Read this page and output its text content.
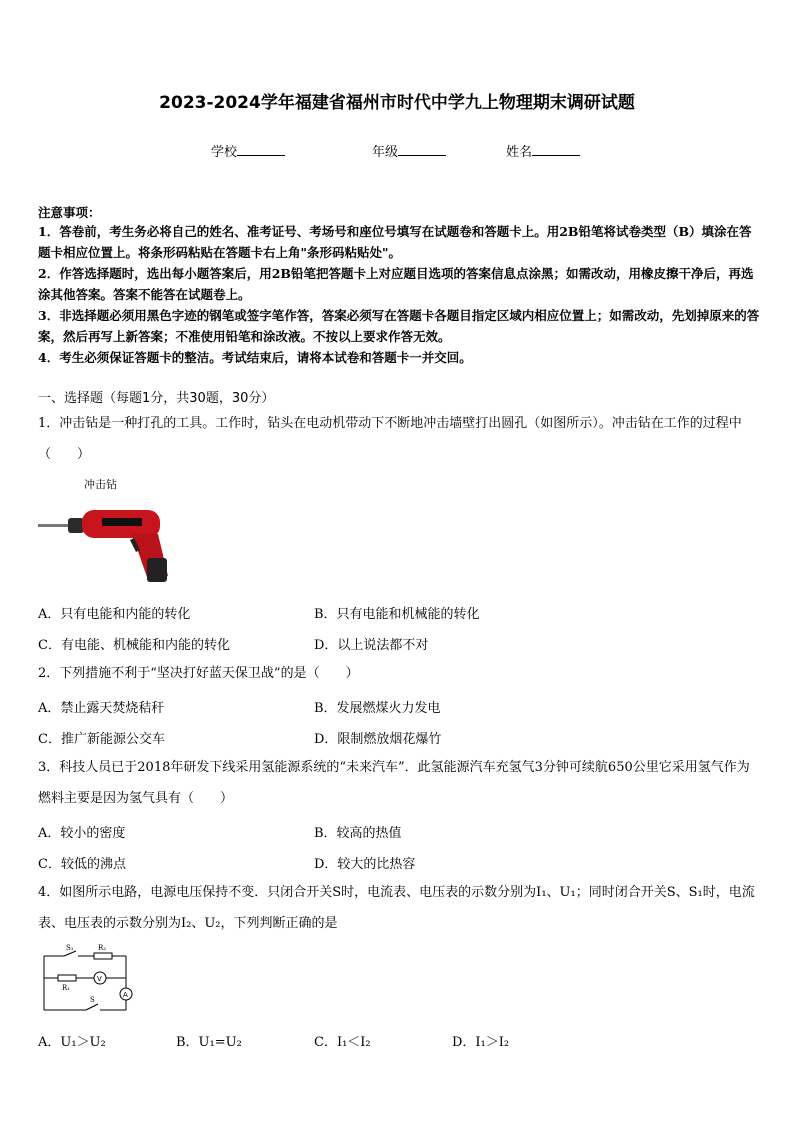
2023-2024学年福建省福州市时代中学九上物理期末调研试题
学校	年级	姓名
注意事项：

1．答卷前，考生务必将自己的姓名、准考证号、考场号和座位号填写在试题卷和答题卡上。用2B铅笔将试卷类型（B）填涂在答题卡相应位置上。将条形码粘贴在答题卡右上角"条形码粘贴处"。

2．作答选择题时，选出每小题答案后，用2B铅笔把答题卡上对应题目选项的答案信息点涂黑；如需改动，用橡皮擦干净后，再选涂其他答案。答案不能答在试题卷上。

3．非选择题必须用黑色字迹的钢笔或签字笔作答，答案必须写在答题卡各题目指定区域内相应位置上；如需改动，先划掉原来的答案，然后再写上新答案；不准使用铅笔和涂改液。不按以上要求作答无效。

4．考生必须保证答题卡的整洁。考试结束后，请将本试卷和答题卡一并交回。

一、选择题（每题1分，共30题，30分）
1．冲击钻是一种打孔的工具。工作时，钻头在电动机带动下不断地冲击墙壁打出圆孔（如图所示）。冲击钻在工作的过程中（　　）
冲击钻
A．只有电能和内能的转化	B．只有电能和机械能的转化
C．有电能、机械能和内能的转化	D．以上说法都不对
2．下列措施不利于“坚决打好蓝天保卫战”的是（　　）
A．禁止露天焚烧秸秆	B．发展燃煤火力发电
C．推广新能源公交车	D．限制燃放烟花爆竹
3．科技人员已于2018年研发下线采用氢能源系统的“未来汽车”．此氢能源汽车充氢气3分钟可续航650公里它采用氢气作为燃料主要是因为氢气具有（　　）
A．较小的密度	B．较高的热值
C．较低的沸点	D．较大的比热容
4．如图所示电路，电源电压保持不变．只闭合开关S时，电流表、电压表的示数分别为I₁、U₁；同时闭合开关S、S₁时，电流表、电压表的示数分别为I₂、U₂，下列判断正确的是
S₁	R₂
R₁
V
A
S
A．U₁＞U₂	B．U₁=U₂	C．I₁＜I₂	D．I₁＞I₂
